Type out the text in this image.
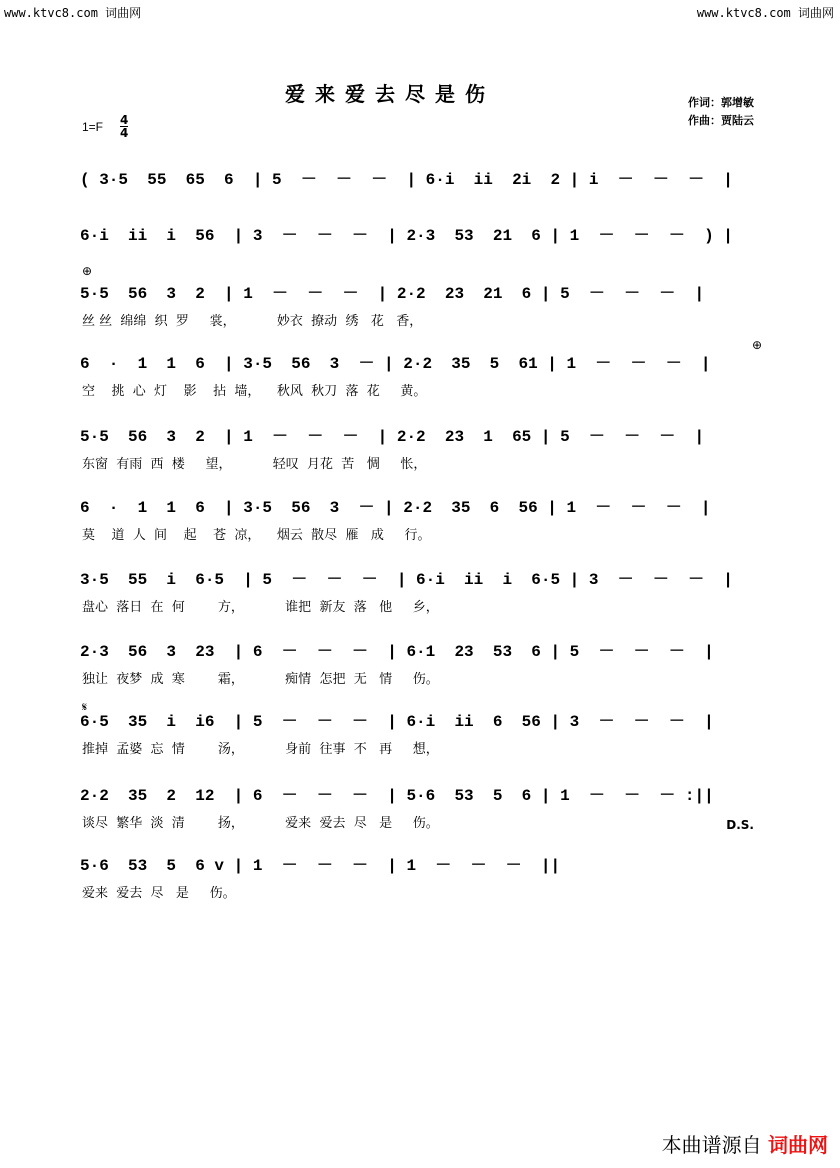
www.ktvc8.com 词曲网	www.ktvc8.com 词曲网
爱来爱去尽是伤	作词：郭增敏
作曲：贾陆云
1=F 4
4
( 3·5  55  65  6  | 5  －  －  －  | 6·i  ii  2i  2 | i  －  －  －  |
6·i  ii  i  56  | 3  －  －  －  | 2·3  53  21  6 | 1  －  －  －  ) |
5·5  56  3  2  | 1  －  －  －  | 2·2  23  21  6 | 5  －  －  －  |
丝 丝  绵绵  织  罗     裳，          妙衣  撩动  绣   花   香，
6  ·  1  1  6  | 3·5  56  3  － | 2·2  35  5  61 | 1  －  －  －  |
空    挑  心  灯    影    拈  墙，    秋风  秋刀  落  花     黄。
5·5  56  3  2  | 1  －  －  －  | 2·2  23  1  65 | 5  －  －  －  |
东窗  有雨  西  楼     望，          轻叹  月花  苦   惆     怅，
6  ·  1  1  6  | 3·5  56  3  － | 2·2  35  6  56 | 1  －  －  －  |
莫    道  人  间    起    苍  凉，    烟云  散尽  雁   成     行。
3·5  55  i  6·5  | 5  －  －  －  | 6·i  ii  i  6·5 | 3  －  －  －  |
盘心  落日  在  何        方，          谁把  新友  落   他     乡，
2·3  56  3  23  | 6  －  －  －  | 6·1  23  53  6 | 5  －  －  －  |
独让  夜梦  成  寒        霜，          痴情  怎把  无   情     伤。
6·5  35  i  i6  | 5  －  －  －  | 6·i  ii  6  56 | 3  －  －  －  |
推掉  孟婆  忘  情        汤，          身前  往事  不   再     想，
2·2  35  2  12  | 6  －  －  －  | 5·6  53  5  6 | 1  －  －  － :||
谈尽  繁华  淡  清        扬，          爱来  爱去  尽   是     伤。
5·6  53  5  6 v | 1  －  －  －  | 1  －  －  －  ||
爱来  爱去  尽   是     伤。
⊕
⊕
𝄋
D.S.
本曲谱源自 词曲网
